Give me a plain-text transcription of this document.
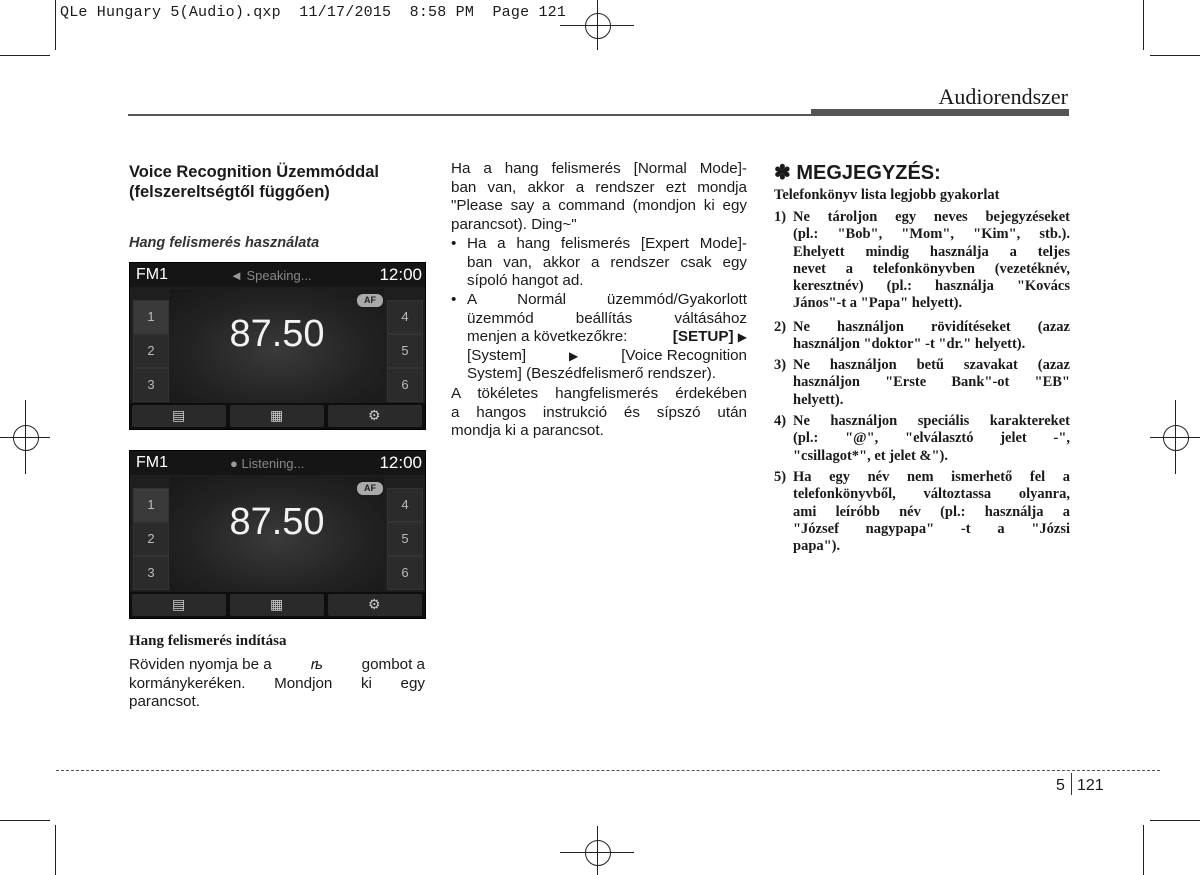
QLe Hungary 5(Audio).qxp  11/17/2015  8:58 PM  Page 121
Audiorendszer
Voice Recognition Üzemmóddal
(felszereltségtől függően)
Hang felismerés használata
FM1	◄ Speaking...	12:00
87.50
AF
1
2
3
4
5
6
▤	▦	⚙
FM1	● Listening...	12:00
87.50
AF
1
2
3
4
5
6
▤	▦	⚙
Hang felismerés indítása
Röviden nyomja be a	ѣ	gombot a
kormánykeréken. Mondjon ki egy
parancsot.
Ha a hang felismerés [Normal Mode]-
ban van, akkor a rendszer ezt mondja
"Please say a command (mondjon ki egy
parancsot). Ding~"
• Ha a hang felismerés [Expert Mode]-
ban van, akkor a rendszer csak egy
sípoló hangot ad.
• A Normál üzemmód/Gyakorlott
üzemmód beállítás váltásához
menjen a következőkre:	[SETUP] ▶
[System]	▶	[Voice Recognition
System] (Beszédfelismerő rendszer).
A tökéletes hangfelismerés érdekében
a hangos instrukció és sípszó után
mondja ki a parancsot.
✽ MEGJEGYZÉS:
Telefonkönyv lista legjobb gyakorlat
1) Ne tároljon egy neves bejegyzéseket
(pl.: "Bob", "Mom", "Kim", stb.).
Ehelyett mindig használja a teljes
nevet a telefonkönyvben (vezetéknév,
keresztnév) (pl.: használja "Kovács
János"-t a "Papa" helyett).
2) Ne használjon rövidítéseket (azaz
használjon "doktor" -t "dr." helyett).
3) Ne használjon betű szavakat (azaz
használjon "Erste Bank"-ot "EB"
helyett).
4) Ne használjon speciális karaktereket
(pl.: "@", "elválasztó jelet -",
"csillagot*", et jelet &").
5) Ha egy név nem ismerhető fel a
telefonkönyvből, változtassa olyanra,
ami leíróbb név (pl.: használja a
"József nagypapa" -t a "Józsi
papa").
5 121
